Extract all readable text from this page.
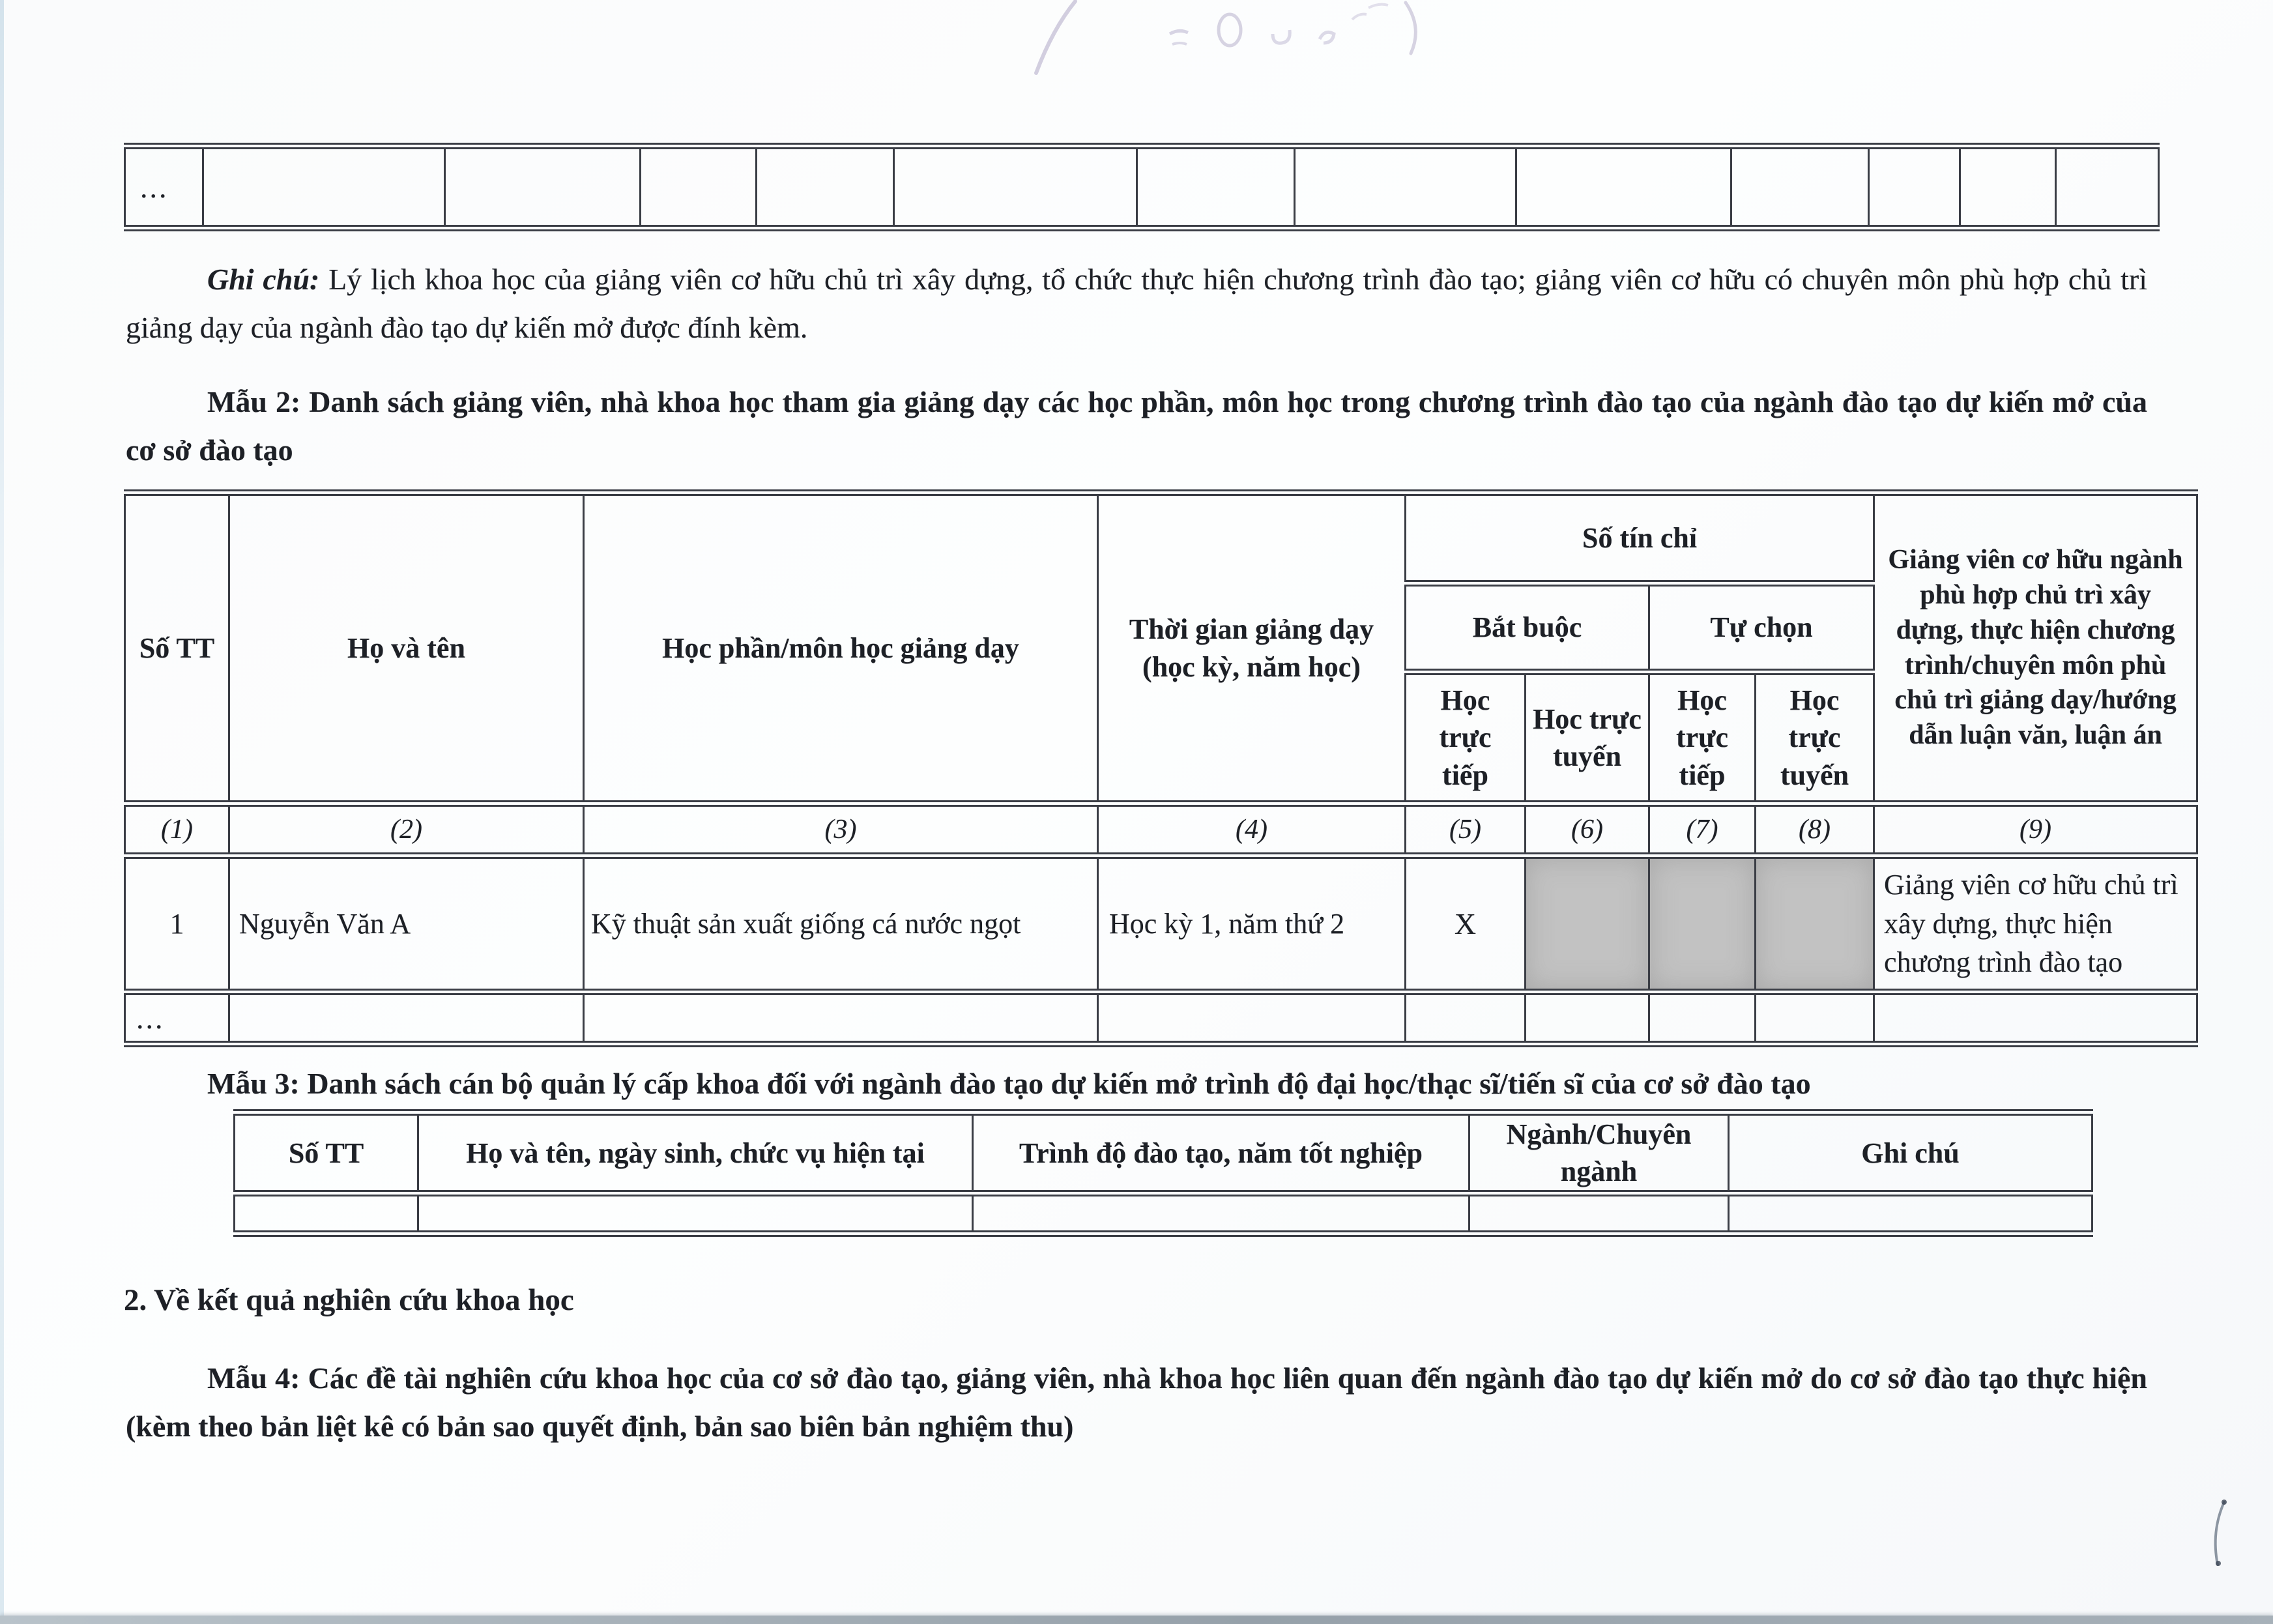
...												

Ghi chú: Lý lịch khoa học của giảng viên cơ hữu chủ trì xây dựng, tổ chức thực hiện chương trình đào tạo; giảng viên cơ hữu có chuyên môn phù hợp chủ trì giảng dạy của ngành đào tạo dự kiến mở được đính kèm.

Mẫu 2: Danh sách giảng viên, nhà khoa học tham gia giảng dạy các học phần, môn học trong chương trình đào tạo của ngành đào tạo dự kiến mở của cơ sở đào tạo

Số TT	Họ và tên	Học phần/môn học giảng dạy	Thời gian giảng dạy (học kỳ, năm học)	Số tín chỉ				Giảng viên cơ hữu ngành phù hợp chủ trì xây dựng, thực hiện chương trình/chuyên môn phù chủ trì giảng dạy/hướng dẫn luận văn, luận án
				Bắt buộc		Tự chọn		
				Học trực tiếp	Học trực tuyến	Học trực tiếp	Học trực tuyến	
(1)	(2)	(3)	(4)	(5)	(6)	(7)	(8)	(9)
1	Nguyễn Văn A	Kỹ thuật sản xuất giống cá nước ngọt	Học kỳ 1, năm thứ 2	X				Giảng viên cơ hữu chủ trì xây dựng, thực hiện chương trình đào tạo
...								

Mẫu 3: Danh sách cán bộ quản lý cấp khoa đối với ngành đào tạo dự kiến mở trình độ đại học/thạc sĩ/tiến sĩ của cơ sở đào tạo

Số TT	Họ và tên, ngày sinh, chức vụ hiện tại	Trình độ đào tạo, năm tốt nghiệp	Ngành/Chuyên ngành	Ghi chú

2. Về kết quả nghiên cứu khoa học

Mẫu 4: Các đề tài nghiên cứu khoa học của cơ sở đào tạo, giảng viên, nhà khoa học liên quan đến ngành đào tạo dự kiến mở do cơ sở đào tạo thực hiện (kèm theo bản liệt kê có bản sao quyết định, bản sao biên bản nghiệm thu)
